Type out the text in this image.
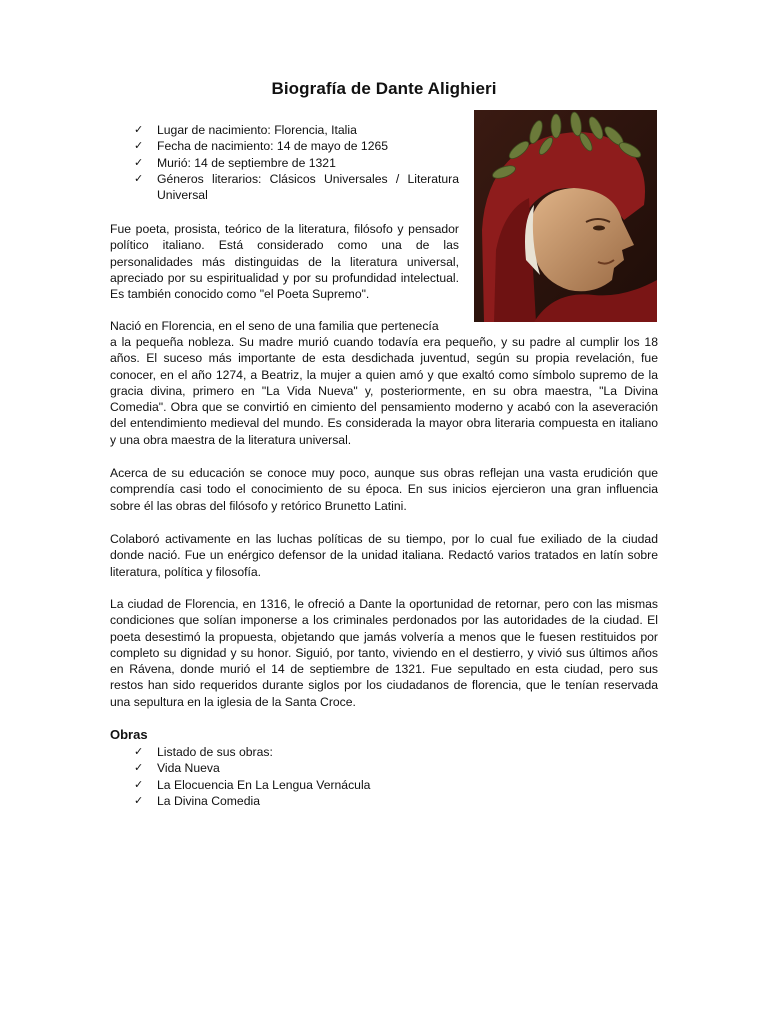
Biografía de Dante Alighieri
✓ Lugar de nacimiento: Florencia, Italia
✓ Fecha de nacimiento: 14 de mayo de 1265
✓ Murió: 14 de septiembre de 1321
✓ Géneros literarios: Clásicos Universales / Literatura Universal

Fue poeta, prosista, teórico de la literatura, filósofo y pensador político italiano. Está considerado como una de las personalidades más distinguidas de la literatura universal, apreciado por su espiritualidad y por su profundidad intelectual. Es también conocido como "el Poeta Supremo".

Nació en Florencia, en el seno de una familia que pertenecía

a la pequeña nobleza. Su madre murió cuando todavía era pequeño, y su padre al cumplir los 18 años. El suceso más importante de esta desdichada juventud, según su propia revelación, fue conocer, en el año 1274, a Beatriz, la mujer a quien amó y que exaltó como símbolo supremo de la gracia divina, primero en "La Vida Nueva" y, posteriormente, en su obra maestra, "La Divina Comedia". Obra que se convirtió en cimiento del pensamiento moderno y acabó con la aseveración del entendimiento medieval del mundo. Es considerada la mayor obra literaria compuesta en italiano y una obra maestra de la literatura universal.

Acerca de su educación se conoce muy poco, aunque sus obras reflejan una vasta erudición que comprendía casi todo el conocimiento de su época. En sus inicios ejercieron una gran influencia sobre él las obras del filósofo y retórico Brunetto Latini.

Colaboró activamente en las luchas políticas de su tiempo, por lo cual fue exiliado de la ciudad donde nació. Fue un enérgico defensor de la unidad italiana. Redactó varios tratados en latín sobre literatura, política y filosofía.

La ciudad de Florencia, en 1316, le ofreció a Dante la oportunidad de retornar, pero con las mismas condiciones que solían imponerse a los criminales perdonados por las autoridades de la ciudad. El poeta desestimó la propuesta, objetando que jamás volvería a menos que le fuesen restituidos por completo su dignidad y su honor. Siguió, por tanto, viviendo en el destierro, y vivió sus últimos años en Rávena, donde murió el 14 de septiembre de 1321. Fue sepultado en esta ciudad, pero sus restos han sido requeridos durante siglos por los ciudadanos de florencia, que le tenían reservada una sepultura en la iglesia de la Santa Croce.

Obras
✓ Listado de sus obras:
✓ Vida Nueva
✓ La Elocuencia En La Lengua Vernácula
✓ La Divina Comedia
